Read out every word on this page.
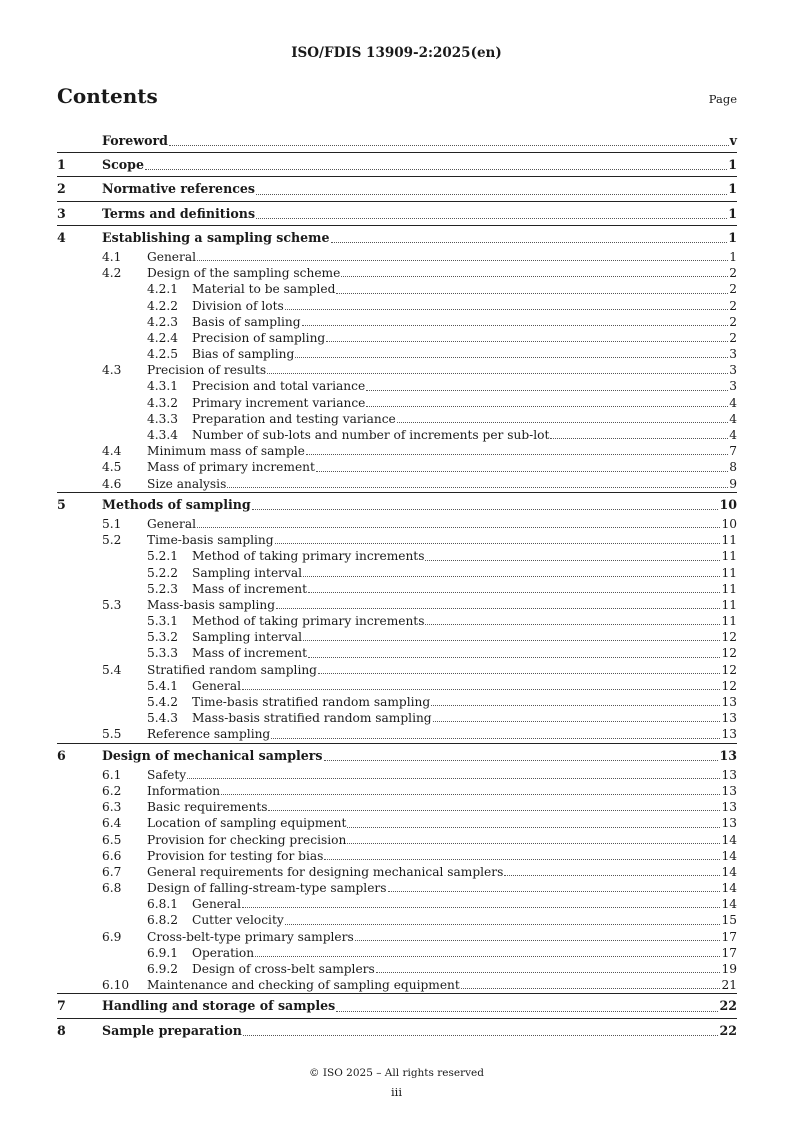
ISO/FDIS 13909-2:2025(en)
Contents	Page
Foreword	v
1	Scope	1
2	Normative references	1
3	Terms and definitions	1
4	Establishing a sampling scheme	1
4.1	General	1
4.2	Design of the sampling scheme	2
4.2.1	Material to be sampled	2
4.2.2	Division of lots	2
4.2.3	Basis of sampling	2
4.2.4	Precision of sampling	2
4.2.5	Bias of sampling	3
4.3	Precision of results	3
4.3.1	Precision and total variance	3
4.3.2	Primary increment variance	4
4.3.3	Preparation and testing variance	4
4.3.4	Number of sub-lots and number of increments per sub-lot	4
4.4	Minimum mass of sample	7
4.5	Mass of primary increment	8
4.6	Size analysis	9
5	Methods of sampling	10
5.1	General	10
5.2	Time-basis sampling	11
5.2.1	Method of taking primary increments	11
5.2.2	Sampling interval	11
5.2.3	Mass of increment	11
5.3	Mass-basis sampling	11
5.3.1	Method of taking primary increments	11
5.3.2	Sampling interval	12
5.3.3	Mass of increment	12
5.4	Stratified random sampling	12
5.4.1	General	12
5.4.2	Time-basis stratified random sampling	13
5.4.3	Mass-basis stratified random sampling	13
5.5	Reference sampling	13
6	Design of mechanical samplers	13
6.1	Safety	13
6.2	Information	13
6.3	Basic requirements	13
6.4	Location of sampling equipment	13
6.5	Provision for checking precision	14
6.6	Provision for testing for bias	14
6.7	General requirements for designing mechanical samplers	14
6.8	Design of falling-stream-type samplers	14
6.8.1	General	14
6.8.2	Cutter velocity	15
6.9	Cross-belt-type primary samplers	17
6.9.1	Operation	17
6.9.2	Design of cross-belt samplers	19
6.10	Maintenance and checking of sampling equipment	21
7	Handling and storage of samples	22
8	Sample preparation	22
© ISO 2025 – All rights reserved
iii
